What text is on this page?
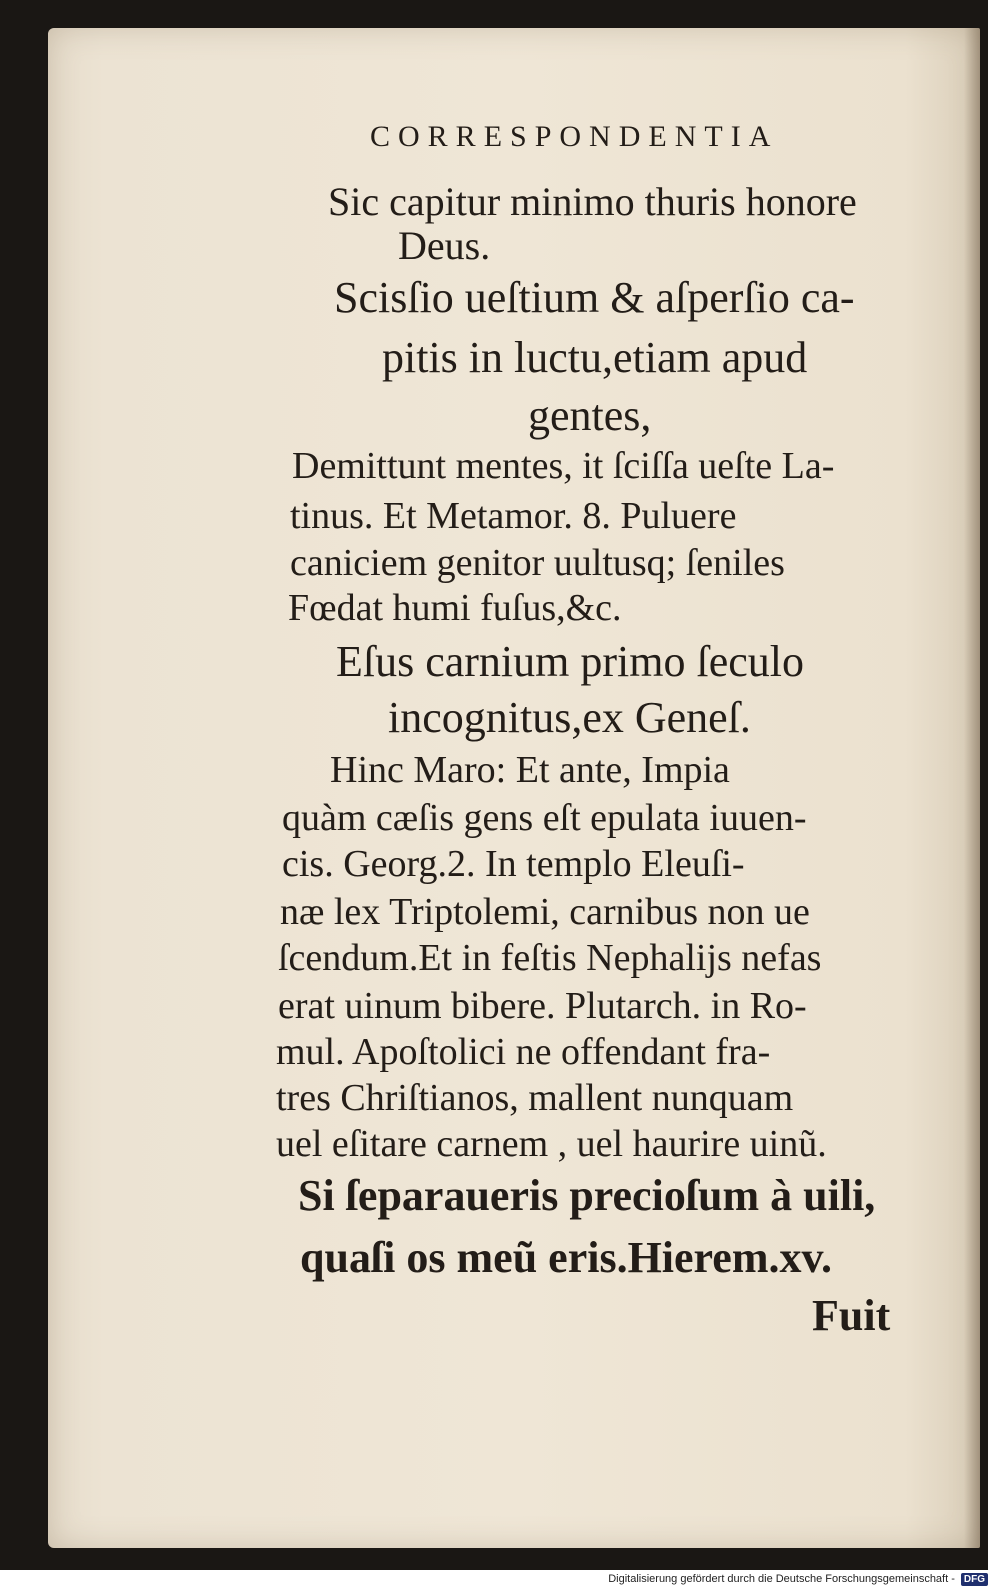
CORRESPONDENTIA
Sic capitur minimo thuris honore
Deus.
Scisſio ueſtium & aſperſio ca-
pitis in luctu,etiam apud
gentes,
Demittunt mentes, it ſciſſa ueſte La-
tinus. Et Metamor. 8. Puluere
caniciem genitor uultusq; ſeniles
Fœdat humi fuſus,&c.
Eſus carnium primo ſeculo
incognitus,ex Geneſ.
Hinc Maro: Et ante, Impia
quàm cæſis gens eſt epulata iuuen-
cis. Georg.2. In templo Eleuſi-
næ lex Triptolemi, carnibus non ue
ſcendum.Et in feſtis Nephalijs nefas
erat uinum bibere. Plutarch. in Ro-
mul. Apoſtolici ne offendant fra-
tres Chriſtianos, mallent nunquam
uel eſitare carnem , uel haurire uinũ.
Si ſeparaueris precioſum à uili,
quaſi os meũ eris.Hierem.xv.
Fuit
Digitalisierung gefördert durch die Deutsche Forschungsgemeinschaft - DFG
